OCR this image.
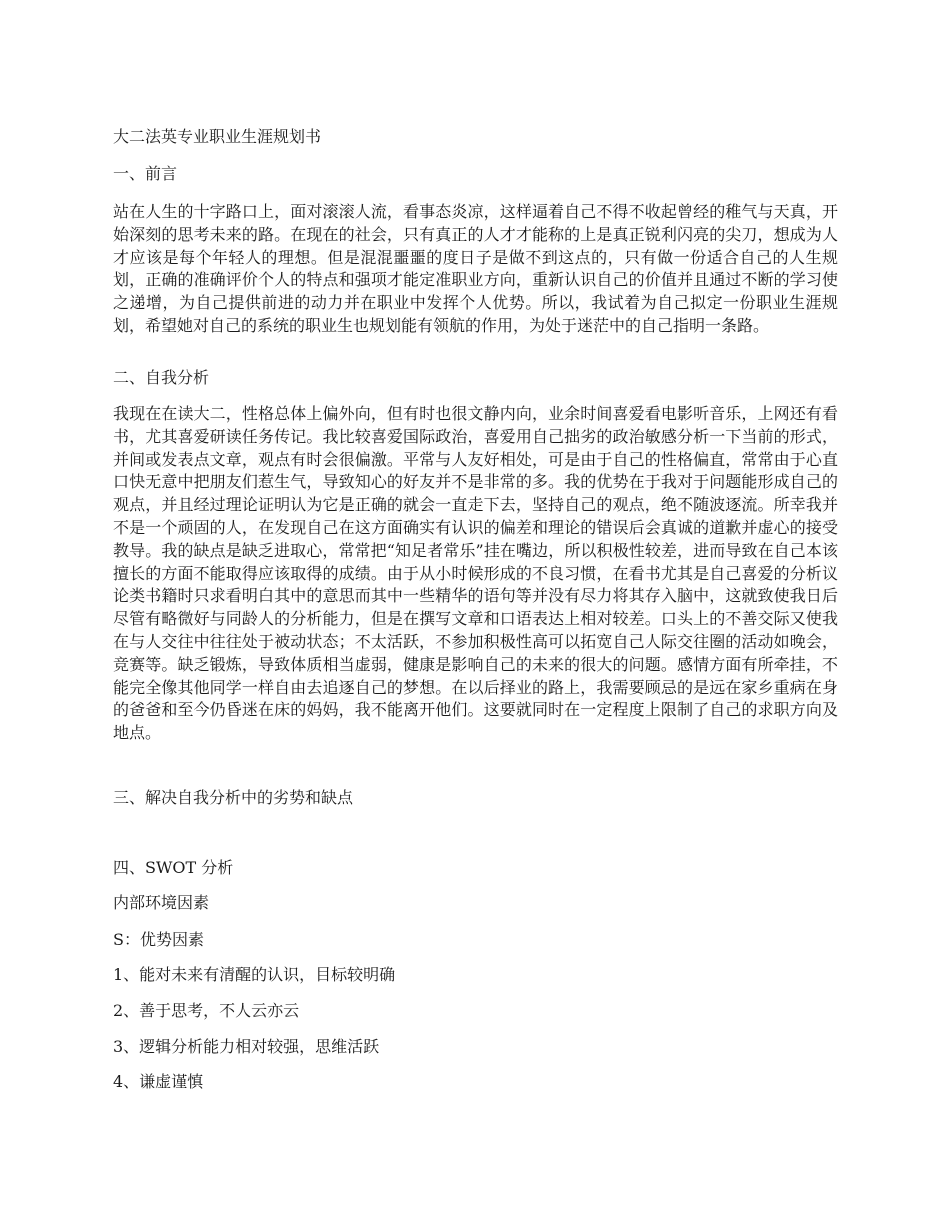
大二法英专业职业生涯规划书
一、前言
站在人生的十字路口上，面对滚滚人流，看事态炎凉，这样逼着自己不得不收起曾经的稚气与天真，开始深刻的思考未来的路。在现在的社会，只有真正的人才才能称的上是真正锐利闪亮的尖刀，想成为人才应该是每个年轻人的理想。但是混混噩噩的度日子是做不到这点的，只有做一份适合自己的人生规划，正确的准确评价个人的特点和强项才能定准职业方向，重新认识自己的价值并且通过不断的学习使之递增，为自己提供前进的动力并在职业中发挥个人优势。所以，我试着为自己拟定一份职业生涯规划，希望她对自己的系统的职业生也规划能有领航的作用，为处于迷茫中的自己指明一条路。
二、自我分析
我现在在读大二，性格总体上偏外向，但有时也很文静内向，业余时间喜爱看电影听音乐，上网还有看书，尤其喜爱研读任务传记。我比较喜爱国际政治，喜爱用自己拙劣的政治敏感分析一下当前的形式，并间或发表点文章，观点有时会很偏激。平常与人友好相处，可是由于自己的性格偏直，常常由于心直口快无意中把朋友们惹生气，导致知心的好友并不是非常的多。我的优势在于我对于问题能形成自己的观点，并且经过理论证明认为它是正确的就会一直走下去，坚持自己的观点，绝不随波逐流。所幸我并不是一个顽固的人，在发现自己在这方面确实有认识的偏差和理论的错误后会真诚的道歉并虚心的接受教导。我的缺点是缺乏进取心，常常把“知足者常乐”挂在嘴边，所以积极性较差，进而导致在自己本该擅长的方面不能取得应该取得的成绩。由于从小时候形成的不良习惯，在看书尤其是自己喜爱的分析议论类书籍时只求看明白其中的意思而其中一些精华的语句等并没有尽力将其存入脑中，这就致使我日后尽管有略微好与同龄人的分析能力，但是在撰写文章和口语表达上相对较差。口头上的不善交际又使我在与人交往中往往处于被动状态；不太活跃，不参加积极性高可以拓宽自己人际交往圈的活动如晚会，竞赛等。缺乏锻炼，导致体质相当虚弱，健康是影响自己的未来的很大的问题。感情方面有所牵挂，不能完全像其他同学一样自由去追逐自己的梦想。在以后择业的路上，我需要顾忌的是远在家乡重病在身的爸爸和至今仍昏迷在床的妈妈，我不能离开他们。这要就同时在一定程度上限制了自己的求职方向及地点。
三、解决自我分析中的劣势和缺点
四、SWOT 分析
内部环境因素
S：优势因素
1、能对未来有清醒的认识，目标较明确
2、善于思考，不人云亦云
3、逻辑分析能力相对较强，思维活跃
4、谦虚谨慎
